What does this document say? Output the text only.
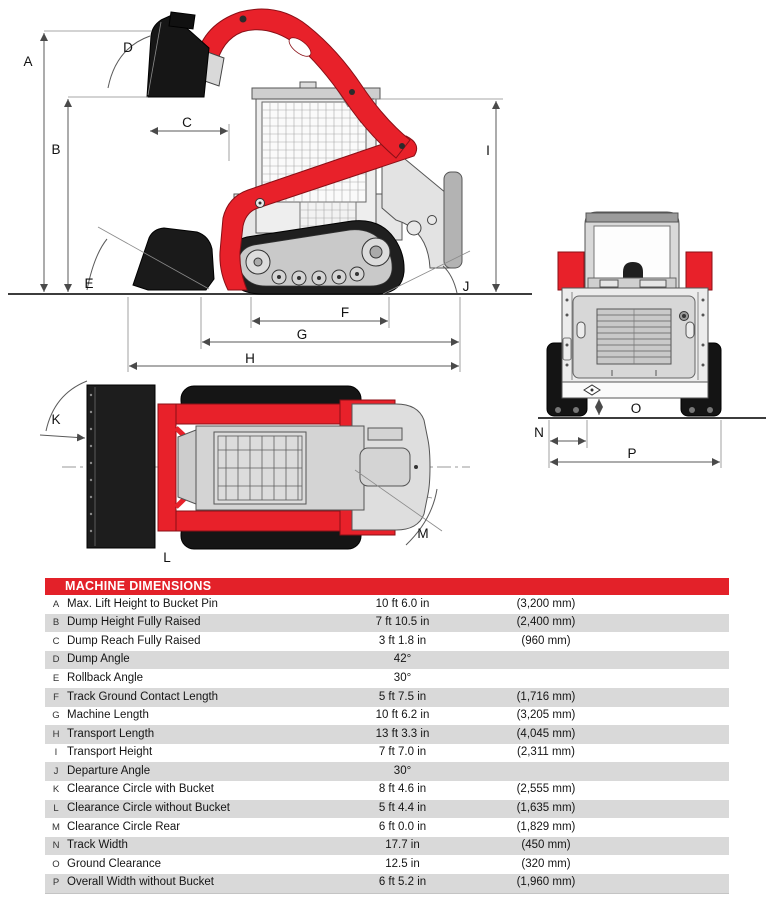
A
B
C
D
E
F
G
H
I
J
O
N
P
K
L
M
MACHINE DIMENSIONS
A	Max. Lift Height to Bucket Pin	10 ft 6.0 in	(3,200 mm)	
B	Dump Height Fully Raised	7 ft 10.5 in	(2,400 mm)	
C	Dump Reach Fully Raised	3 ft 1.8 in	(960 mm)	
D	Dump Angle	42°		
E	Rollback Angle	30°		
F	Track Ground Contact Length	5 ft 7.5 in	(1,716 mm)	
G	Machine Length	10 ft 6.2 in	(3,205 mm)	
H	Transport Length	13 ft 3.3 in	(4,045 mm)	
I	Transport Height	7 ft 7.0 in	(2,311 mm)	
J	Departure Angle	30°		
K	Clearance Circle with Bucket	8 ft 4.6 in	(2,555 mm)	
L	Clearance Circle without Bucket	5 ft 4.4 in	(1,635 mm)	
M	Clearance Circle Rear	6 ft 0.0 in	(1,829 mm)	
N	Track Width	17.7 in	(450 mm)	
O	Ground Clearance	12.5 in	(320 mm)	
P	Overall Width without Bucket	6 ft 5.2 in	(1,960 mm)	
